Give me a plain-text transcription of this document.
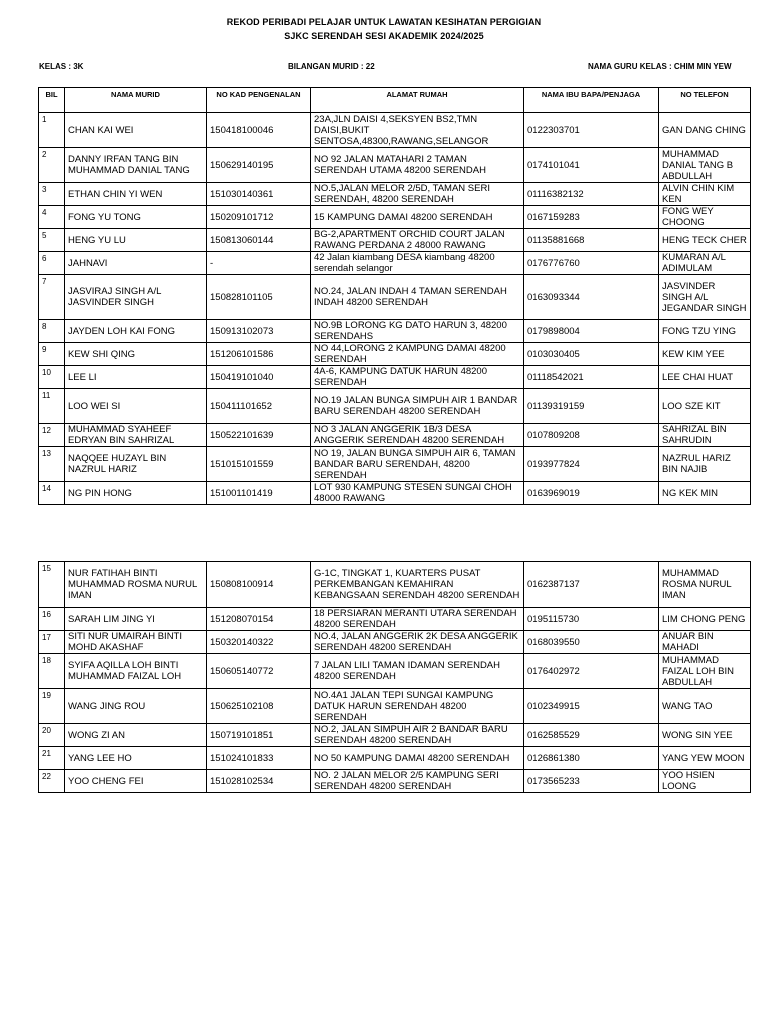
REKOD PERIBADI PELAJAR UNTUK LAWATAN KESIHATAN PERGIGIAN
SJKC SERENDAH SESI AKADEMIK 2024/2025
KELAS : 3K	BILANGAN MURID : 22	NAMA GURU KELAS : CHIM MIN YEW
BIL	NAMA MURID	NO KAD PENGENALAN	ALAMAT RUMAH	NAMA IBU BAPA/PENJAGA	NO TELEFON
1	CHAN KAI WEI	150418100046	23A,JLN DAISI 4,SEKSYEN BS2,TMN DAISI,BUKIT SENTOSA,48300,RAWANG,SELANGOR	0122303701	GAN DANG CHING
2	DANNY IRFAN TANG BIN MUHAMMAD DANIAL TANG	150629140195	NO 92 JALAN MATAHARI 2 TAMAN SERENDAH UTAMA 48200 SERENDAH	0174101041	MUHAMMAD DANIAL TANG B ABDULLAH
3	ETHAN CHIN YI WEN	151030140361	NO.5,JALAN MELOR 2/5D, TAMAN SERI SERENDAH, 48200 SERENDAH	01116382132	ALVIN CHIN KIM KEN
4	FONG YU TONG	150209101712	15 KAMPUNG DAMAI 48200 SERENDAH	0167159283	FONG WEY CHOONG
5	HENG YU LU	150813060144	BG-2,APARTMENT ORCHID COURT JALAN RAWANG PERDANA 2 48000 RAWANG	01135881668	HENG TECK CHER
6	JAHNAVI	-	42 Jalan kiambang DESA kiambang 48200 serendah selangor	0176776760	KUMARAN A/L ADIMULAM
7	JASVIRAJ SINGH A/L JASVINDER SINGH	150828101105	NO.24, JALAN INDAH 4 TAMAN SERENDAH INDAH 48200 SERENDAH	0163093344	JASVINDER SINGH A/L JEGANDAR SINGH
8	JAYDEN LOH KAI FONG	150913102073	NO.9B LORONG KG DATO HARUN 3, 48200 SERENDAHS	0179898004	FONG TZU YING
9	KEW SHI QING	151206101586	NO 44,LORONG 2 KAMPUNG DAMAI 48200 SERENDAH	0103030405	KEW KIM YEE
10	LEE LI	150419101040	4A-6, KAMPUNG DATUK HARUN 48200 SERENDAH	01118542021	LEE CHAI HUAT
11	LOO WEI SI	150411101652	NO.19 JALAN BUNGA SIMPUH AIR 1 BANDAR BARU SERENDAH 48200 SERENDAH	01139319159	LOO SZE KIT
12	MUHAMMAD SYAHEEF EDRYAN BIN SAHRIZAL	150522101639	NO 3 JALAN ANGGERIK 1B/3 DESA ANGGERIK SERENDAH 48200 SERENDAH	0107809208	SAHRIZAL BIN SAHRUDIN
13	NAQQEE HUZAYL BIN NAZRUL HARIZ	151015101559	NO 19, JALAN BUNGA SIMPUH AIR 6, TAMAN BANDAR BARU SERENDAH, 48200 SERENDAH	0193977824	NAZRUL HARIZ BIN NAJIB
14	NG PIN HONG	151001101419	LOT 930 KAMPUNG STESEN SUNGAI CHOH 48000 RAWANG	0163969019	NG KEK MIN
15	NUR FATIHAH BINTI MUHAMMAD ROSMA NURUL IMAN	150808100914	G-1C, TINGKAT 1, KUARTERS PUSAT PERKEMBANGAN KEMAHIRAN KEBANGSAAN SERENDAH 48200 SERENDAH	0162387137	MUHAMMAD ROSMA NURUL IMAN
16	SARAH LIM JING YI	151208070154	18 PERSIARAN MERANTI UTARA SERENDAH 48200 SERENDAH	0195115730	LIM CHONG PENG
17	SITI NUR UMAIRAH BINTI MOHD AKASHAF	150320140322	NO.4, JALAN ANGGERIK 2K DESA ANGGERIK SERENDAH 48200 SERENDAH	0168039550	ANUAR BIN MAHADI
18	SYIFA AQILLA LOH BINTI MUHAMMAD FAIZAL LOH	150605140772	7 JALAN LILI TAMAN IDAMAN SERENDAH 48200 SERENDAH	0176402972	MUHAMMAD FAIZAL LOH BIN ABDULLAH
19	WANG JING ROU	150625102108	NO.4A1 JALAN TEPI SUNGAI KAMPUNG DATUK HARUN SERENDAH 48200 SERENDAH	0102349915	WANG TAO
20	WONG ZI AN	150719101851	NO.2, JALAN SIMPUH AIR 2 BANDAR BARU SERENDAH 48200 SERENDAH	0162585529	WONG SIN YEE
21	YANG LEE HO	151024101833	NO 50 KAMPUNG DAMAI 48200 SERENDAH	0126861380	YANG YEW MOON
22	YOO CHENG FEI	151028102534	NO. 2 JALAN MELOR 2/5 KAMPUNG SERI SERENDAH 48200 SERENDAH	0173565233	YOO HSIEN LOONG
